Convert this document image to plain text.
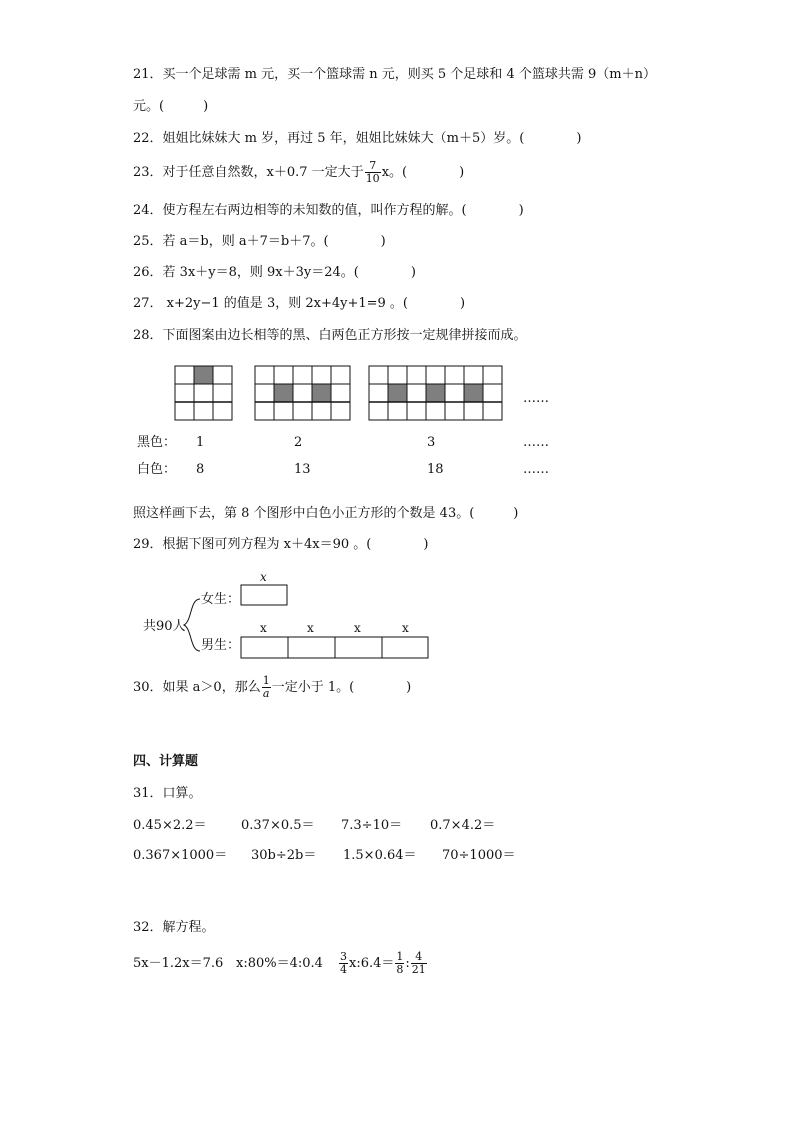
21．买一个足球需 m 元，买一个篮球需 n 元，则买 5 个足球和 4 个篮球共需 9（m＋n）
元。(　　　)
22．姐姐比妹妹大 m 岁，再过 5 年，姐姐比妹妹大（m＋5）岁。(　　　　)
23．对于任意自然数，x＋0.7 一定大于 $\frac{7}{10}$ x。(　　　　)
24．使方程左右两边相等的未知数的值，叫作方程的解。(　　　　)
25．若 a＝b，则 a＋7＝b＋7。(　　　　)
26．若 3x＋y＝8，则 9x＋3y＝24。(　　　　)
27． x+2y−1 的值是 3，则 2x+4y+1=9 。(　　　　)
28．下面图案由边长相等的黑、白两色正方形按一定规律拼接而成。
……
黑色： 1	2	3	……
白色： 8	13	18	……
照这样画下去，第 8 个图形中白色小正方形的个数是 43。(　　　)
29．根据下图可列方程为 x＋4x＝90 。(　　　　)
共90人
女生：
x
男生：
x	x	x	x
30．如果 a＞0，那么 $\frac{1}{a}$ 一定小于 1。(　　　　)
四、计算题
31．口算。
0.45×2.2＝	0.37×0.5＝ 7.3÷10＝ 0.7×4.2＝
0.367×1000＝ 30b÷2b＝ 1.5×0.64＝ 70÷1000＝
32．解方程。
5x－1.2x＝7.6 x:80%＝4:0.4 $\frac{3}{4}$ x:6.4＝ $\frac{1}{8}$ : $\frac{4}{21}$
